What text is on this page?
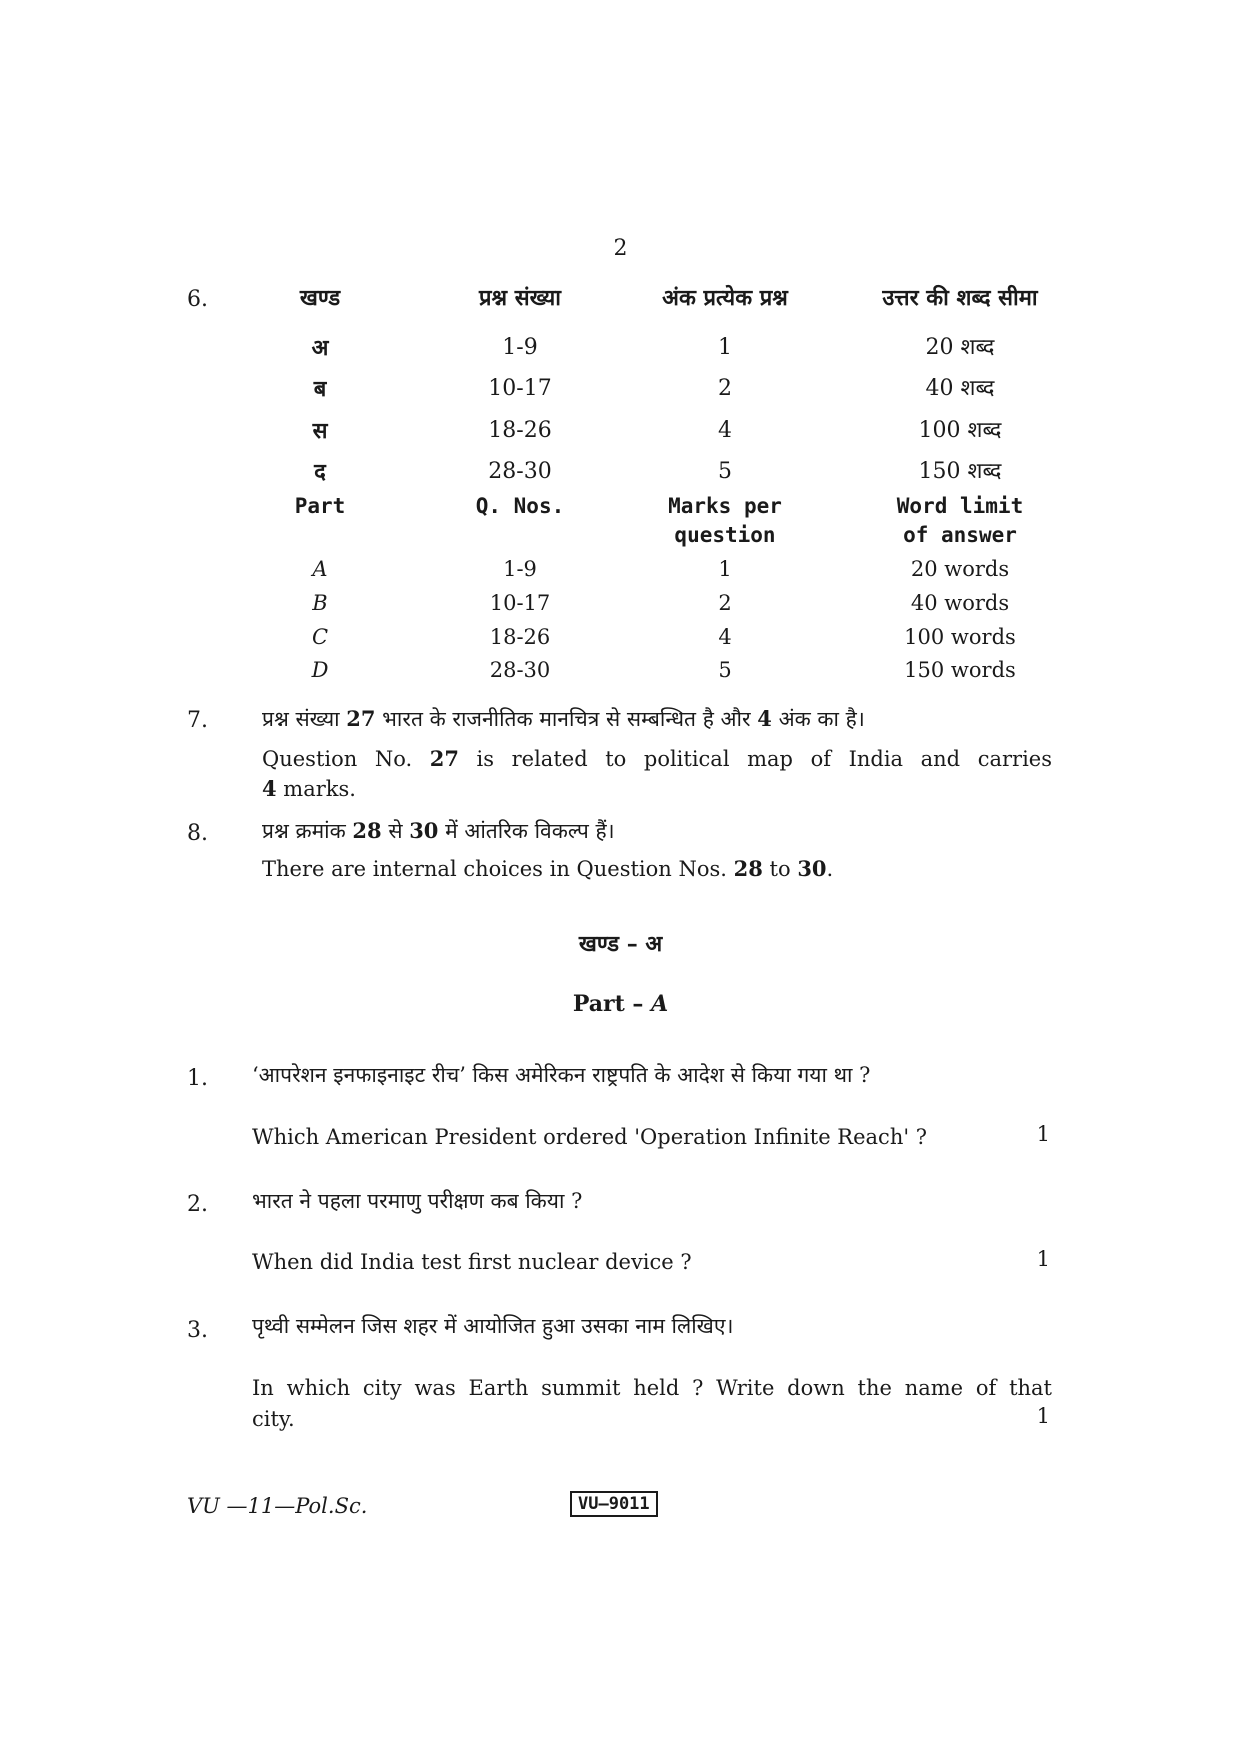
2
6.	खण्ड	प्रश्न संख्या	अंक प्रत्येक प्रश्न	उत्तर की शब्द सीमा
अ	1-9	1	20 शब्द
ब	10-17	2	40 शब्द
स	18-26	4	100 शब्द
द	28-30	5	150 शब्द
Part	Q. Nos.	Marks per	Word limit
question	of answer
A	1-9	1	20 words
B	10-17	2	40 words
C	18-26	4	100 words
D	28-30	5	150 words
7.	प्रश्न संख्या 27 भारत के राजनीतिक मानचित्र से सम्बन्धित है और 4 अंक का है।
Question No. 27 is related to political map of India and carries
4 marks.
8.	प्रश्न क्रमांक 28 से 30 में आंतरिक विकल्प हैं।
There are internal choices in Question Nos. 28 to 30.
खण्ड – अ
Part – A
1.	‘आपरेशन इनफाइनाइट रीच’ किस अमेरिकन राष्ट्रपति के आदेश से किया गया था ?
Which American President ordered 'Operation Infinite Reach' ?	1
2.	भारत ने पहला परमाणु परीक्षण कब किया ?
When did India test first nuclear device ?	1
3.	पृथ्वी सम्मेलन जिस शहर में आयोजित हुआ उसका नाम लिखिए।
In which city was Earth summit held ? Write down the name of that
city.	1
VU —11—Pol.Sc.	VU–9011
